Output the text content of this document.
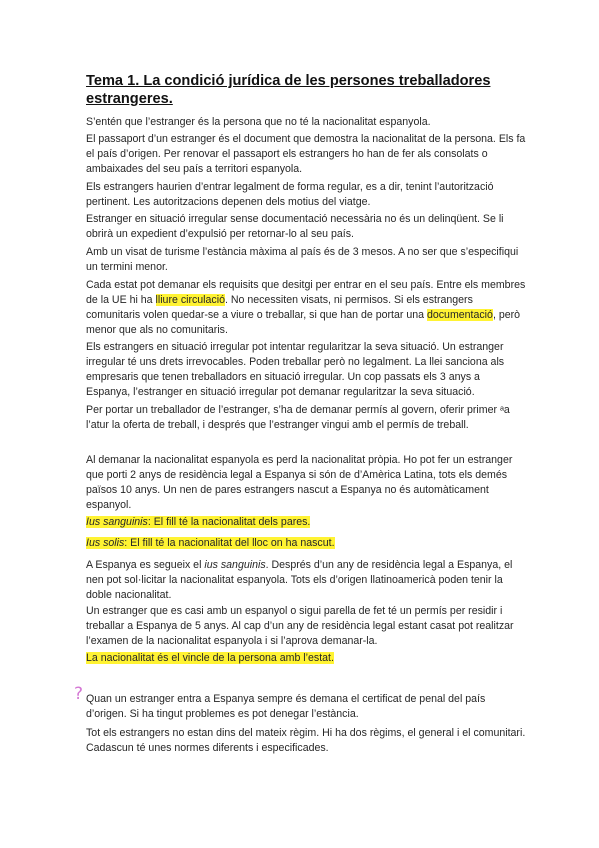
Tema 1. La condició jurídica de les persones treballadores estrangeres.
S’entén que l’estranger és la persona que no té la nacionalitat espanyola.
El passaport d’un estranger és el document que demostra la nacionalitat de la persona. Els fa el país d’origen. Per renovar el passaport els estrangers ho han de fer als consolats o ambaixades del seu país a territori espanyola.
Els estrangers haurien d’entrar legalment de forma regular, es a dir, tenint l’autorització pertinent. Les autoritzacions depenen dels motius del viatge.
Estranger en situació irregular sense documentació necessària no és un delinqüent. Se li obrirà un expedient d’expulsió per retornar-lo al seu país.
Amb un visat de turisme l’estància màxima al país és de 3 mesos. A no ser que s’especifiqui un termini menor.
Cada estat pot demanar els requisits que desitgi per entrar en el seu país. Entre els membres de la UE hi ha lliure circulació. No necessiten visats, ni permisos. Si els estrangers comunitaris volen quedar-se a viure o treballar, si que han de portar una documentació, però menor que als no comunitaris.
Els estrangers en situació irregular pot intentar regularitzar la seva situació. Un estranger irregular té uns drets irrevocables. Poden treballar però no legalment. La llei sanciona als empresaris que tenen treballadors en situació irregular. Un cop passats els 3 anys a Espanya, l’estranger en situació irregular pot demanar regularitzar la seva situació.
Per portar un treballador de l’estranger, s’ha de demanar permís al govern, oferir primer ᵃa l’atur la oferta de treball, i després que l’estranger vingui amb el permís de treball.
Al demanar la nacionalitat espanyola es perd la nacionalitat pròpia. Ho pot fer un estranger que porti 2 anys de residència legal a Espanya si són de d’Amèrica Latina, tots els demés països 10 anys. Un nen de pares estrangers nascut a Espanya no és automàticament espanyol.
Ius sanguinis: El fill té la nacionalitat dels pares.
Ius solis: El fill té la nacionalitat del lloc on ha nascut.
A Espanya es segueix el ius sanguinis. Després d’un any de residència legal a Espanya, el nen pot sol·licitar la nacionalitat espanyola. Tots els d’origen llatinoamericà poden tenir la doble nacionalitat.
Un estranger que es casi amb un espanyol o sigui parella de fet té un permís per residir i treballar a Espanya de 5 anys. Al cap d’un any de residència legal estant casat pot realitzar l’examen de la nacionalitat espanyola i si l’aprova demanar-la.
La nacionalitat és el vincle de la persona amb l’estat.
? Quan un estranger entra a Espanya sempre és demana el certificat de penal del país d’origen. Si ha tingut problemes es pot denegar l’estància.
Tot els estrangers no estan dins del mateix règim. Hi ha dos règims, el general i el comunitari. Cadascun té unes normes diferents i especificades.
